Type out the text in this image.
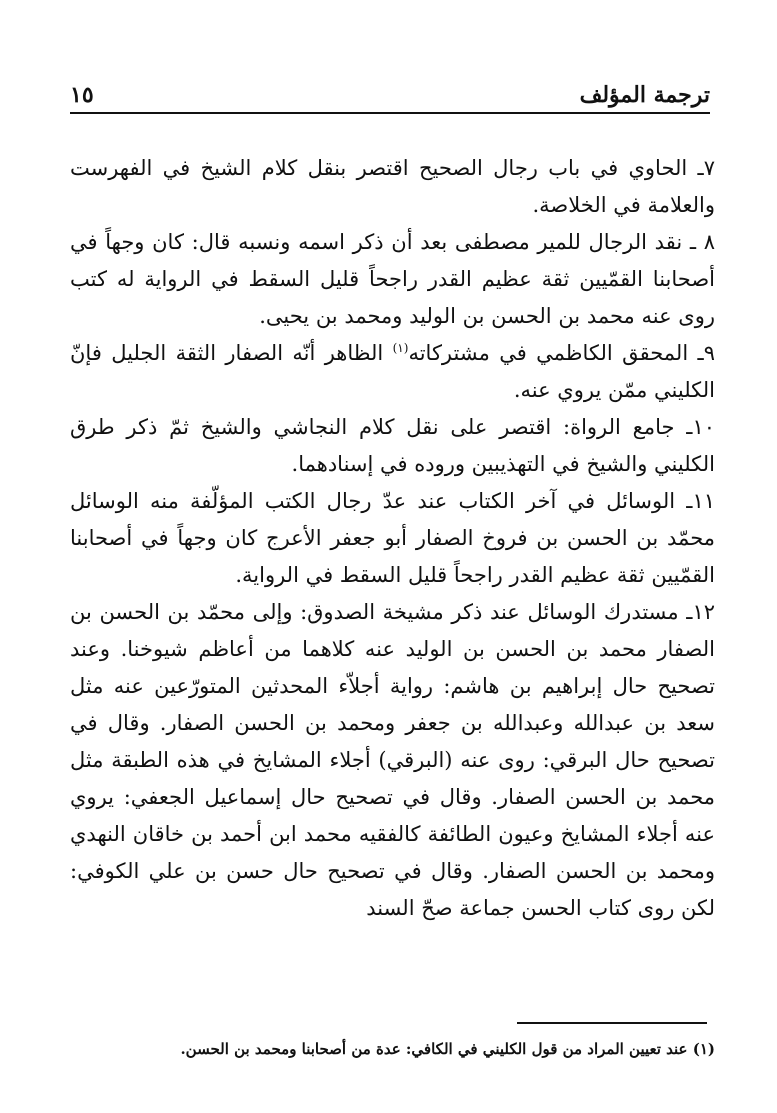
ترجمة المؤلف
١٥

٧ـ الحاوي في باب رجال الصحيح اقتصر بنقل كلام الشيخ في الفهرست والعلامة في الخلاصة.

٨ ـ نقد الرجال للمير مصطفى بعد أن ذكر اسمه ونسبه قال: كان وجهاً في أصحابنا القمّيين ثقة عظيم القدر راجحاً قليل السقط في الرواية له كتب روى عنه محمد بن الحسن بن الوليد ومحمد بن يحيى.

٩ـ المحقق الكاظمي في مشتركاته$^{(١)}$ الظاهر أنّه الصفار الثقة الجليل فإنّ الكليني ممّن يروي عنه.

١٠ـ جامع الرواة: اقتصر على نقل كلام النجاشي والشيخ ثمّ ذكر طرق الكليني والشيخ في التهذيبين وروده في إسنادهما.

١١ـ الوسائل في آخر الكتاب عند عدّ رجال الكتب المؤلّفة منه الوسائل محمّد بن الحسن بن فروخ الصفار أبو جعفر الأعرج كان وجهاً في أصحابنا القمّيين ثقة عظيم القدر راجحاً قليل السقط في الرواية.

١٢ـ مستدرك الوسائل عند ذكر مشيخة الصدوق: وإلى محمّد بن الحسن بن الصفار محمد بن الحسن بن الوليد عنه كلاهما من أعاظم شيوخنا. وعند تصحيح حال إبراهيم بن هاشم: رواية أجلاّء المحدثين المتورّعين عنه مثل سعد بن عبدالله وعبدالله بن جعفر ومحمد بن الحسن الصفار. وقال في تصحيح حال البرقي: روى عنه (البرقي) أجلاء المشايخ في هذه الطبقة مثل محمد بن الحسن الصفار. وقال في تصحيح حال إسماعيل الجعفي: يروي عنه أجلاء المشايخ وعيون الطائفة كالفقيه محمد ابن أحمد بن خاقان النهدي ومحمد بن الحسن الصفار. وقال في تصحيح حال حسن بن علي الكوفي: لكن روى كتاب الحسن جماعة صحّ السند

(١) عند تعيين المراد من قول الكليني في الكافي: عدة من أصحابنا ومحمد بن الحسن.
